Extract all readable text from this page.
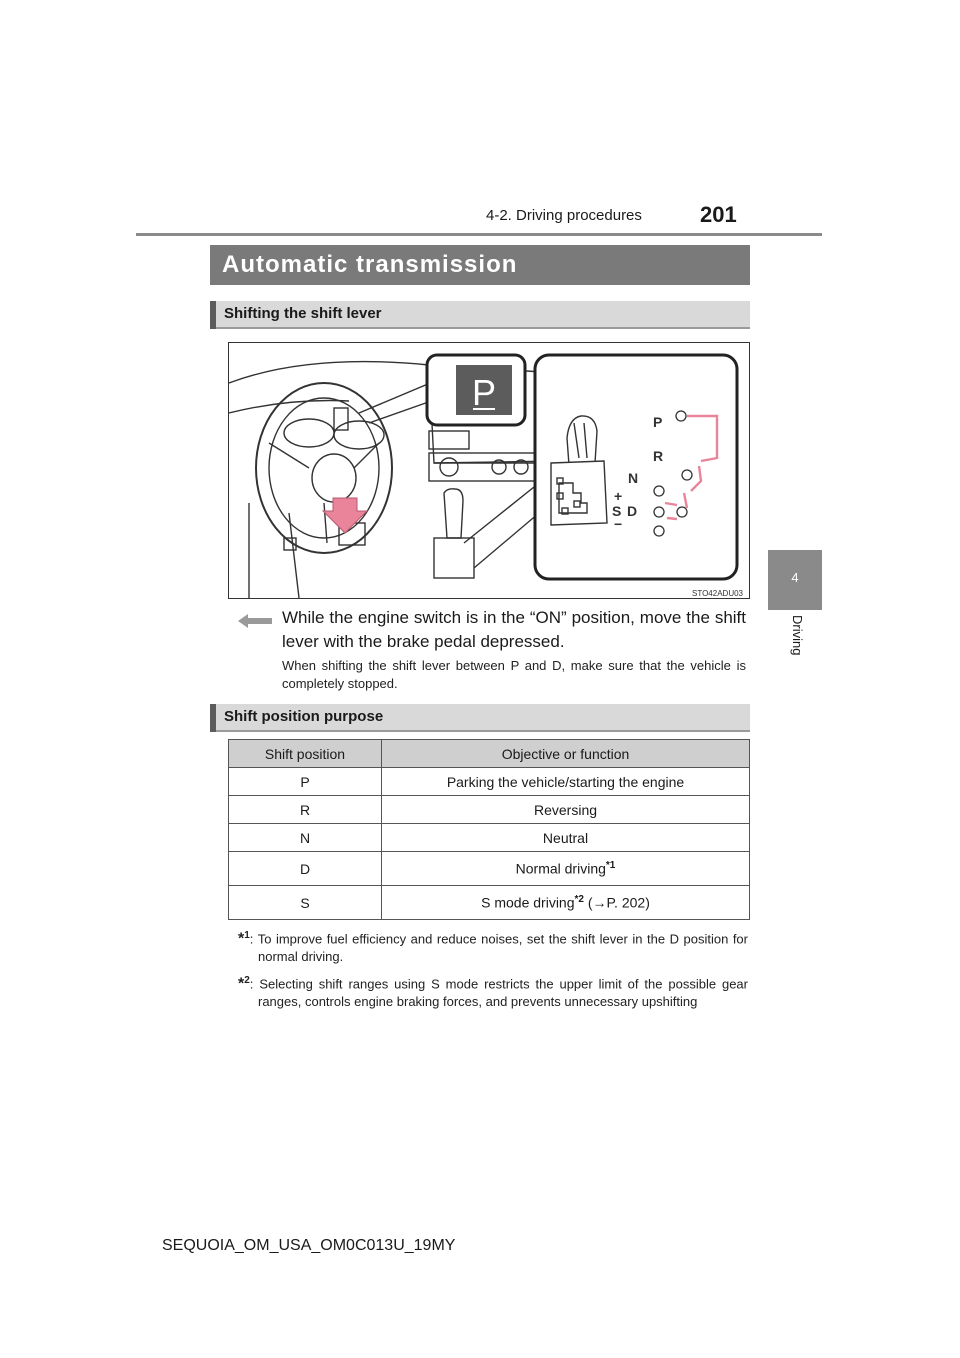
4-2. Driving procedures	201
4
Driving
Automatic transmission
Shifting the shift lever
P
P
R
N
+
S D
−
STO42ADU03
While the engine switch is in the “ON” position, move the shift lever with the brake pedal depressed.
When shifting the shift lever between P and D, make sure that the vehicle is completely stopped.
Shift position purpose
Shift position	Objective or function
P	Parking the vehicle/starting the engine
R	Reversing
N	Neutral
D	Normal driving$^{*1}$
S	S mode driving$^{*2}$ (→P. 202)
*$^1$: To improve fuel efficiency and reduce noises, set the shift lever in the D position for normal driving.
*$^2$: Selecting shift ranges using S mode restricts the upper limit of the possible gear ranges, controls engine braking forces, and prevents unnecessary upshifting
SEQUOIA_OM_USA_OM0C013U_19MY
